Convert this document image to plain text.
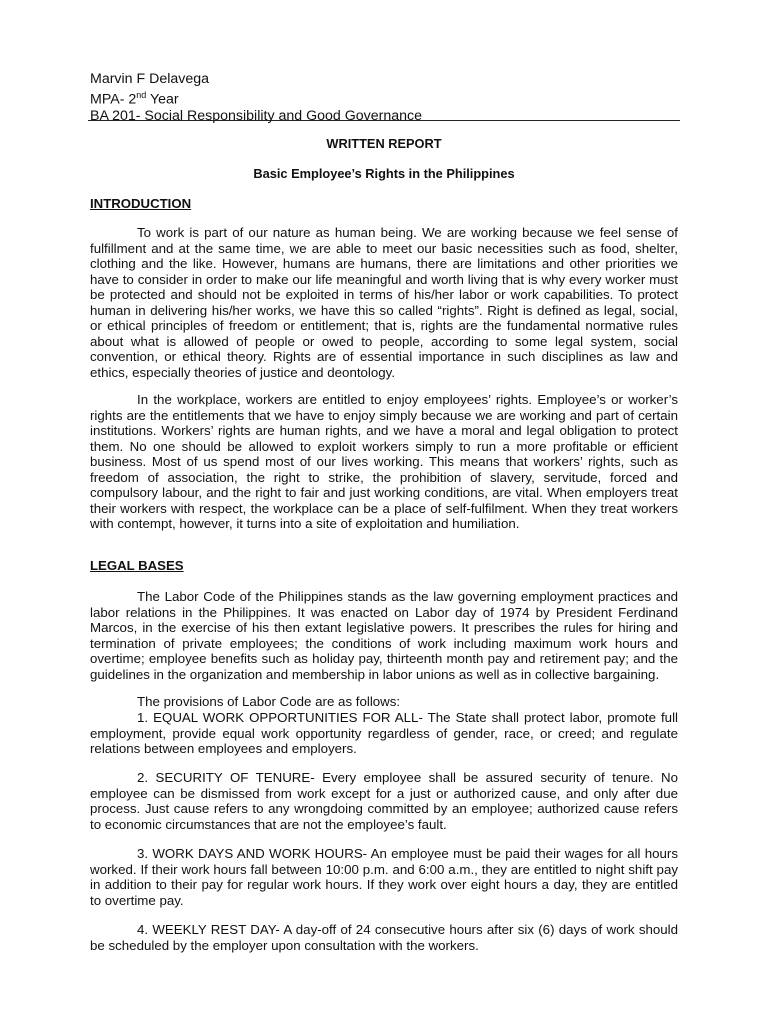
Marvin F Delavega
MPA- 2nd Year
BA 201- Social Responsibility and Good Governance
WRITTEN REPORT
Basic Employee’s Rights in the Philippines
INTRODUCTION
To work is part of our nature as human being. We are working because we feel sense of fulfillment and at the same time, we are able to meet our basic necessities such as food, shelter, clothing and the like. However, humans are humans, there are limitations and other priorities we have to consider in order to make our life meaningful and worth living that is why every worker must be protected and should not be exploited in terms of his/her labor or work capabilities. To protect human in delivering his/her works, we have this so called “rights”. Right is defined as legal, social, or ethical principles of freedom or entitlement; that is, rights are the fundamental normative rules about what is allowed of people or owed to people, according to some legal system, social convention, or ethical theory. Rights are of essential importance in such disciplines as law and ethics, especially theories of justice and deontology.
In the workplace, workers are entitled to enjoy employees’ rights. Employee’s or worker’s rights are the entitlements that we have to enjoy simply because we are working and part of certain institutions. Workers’ rights are human rights, and we have a moral and legal obligation to protect them. No one should be allowed to exploit workers simply to run a more profitable or efficient business. Most of us spend most of our lives working. This means that workers’ rights, such as freedom of association, the right to strike, the prohibition of slavery, servitude, forced and compulsory labour, and the right to fair and just working conditions, are vital. When employers treat their workers with respect, the workplace can be a place of self-fulfilment. When they treat workers with contempt, however, it turns into a site of exploitation and humiliation.
LEGAL BASES
The Labor Code of the Philippines stands as the law governing employment practices and labor relations in the Philippines. It was enacted on Labor day of 1974 by President Ferdinand Marcos, in the exercise of his then extant legislative powers. It prescribes the rules for hiring and termination of private employees; the conditions of work including maximum work hours and overtime; employee benefits such as holiday pay, thirteenth month pay and retirement pay; and the guidelines in the organization and membership in labor unions as well as in collective bargaining.
The provisions of Labor Code are as follows:
1. EQUAL WORK OPPORTUNITIES FOR ALL- The State shall protect labor, promote full employment, provide equal work opportunity regardless of gender, race, or creed; and regulate relations between employees and employers.
2. SECURITY OF TENURE- Every employee shall be assured security of tenure. No employee can be dismissed from work except for a just or authorized cause, and only after due process. Just cause refers to any wrongdoing committed by an employee; authorized cause refers to economic circumstances that are not the employee’s fault.
3. WORK DAYS AND WORK HOURS- An employee must be paid their wages for all hours worked. If their work hours fall between 10:00 p.m. and 6:00 a.m., they are entitled to night shift pay in addition to their pay for regular work hours. If they work over eight hours a day, they are entitled to overtime pay.
4. WEEKLY REST DAY- A day-off of 24 consecutive hours after six (6) days of work should be scheduled by the employer upon consultation with the workers.
